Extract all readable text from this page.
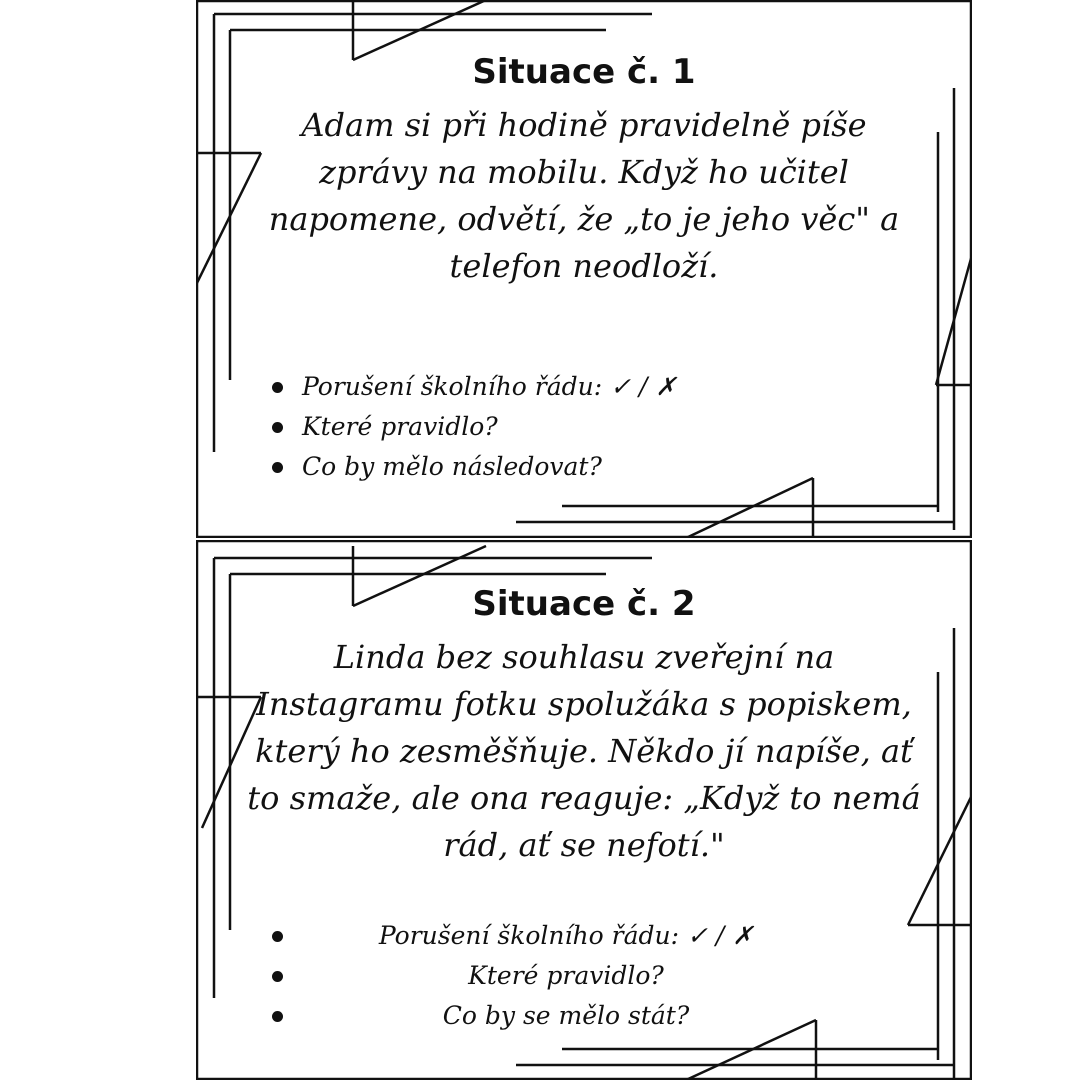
Situace č. 1

Adam si při hodině pravidelně píše zprávy na mobilu. Když ho učitel napomene, odvětí, že „to je jeho věc" a telefon neodloží.

Porušení školního řádu: ✓ / ✗
Které pravidlo?
Co by mělo následovat?
Situace č. 2

Linda bez souhlasu zveřejní na Instagramu fotku spolužáka s popiskem, který ho zesměšňuje. Někdo jí napíše, ať to smaže, ale ona reaguje: „Když to nemá rád, ať se nefotí."

Porušení školního řádu: ✓ / ✗
Které pravidlo?
Co by se mělo stát?
